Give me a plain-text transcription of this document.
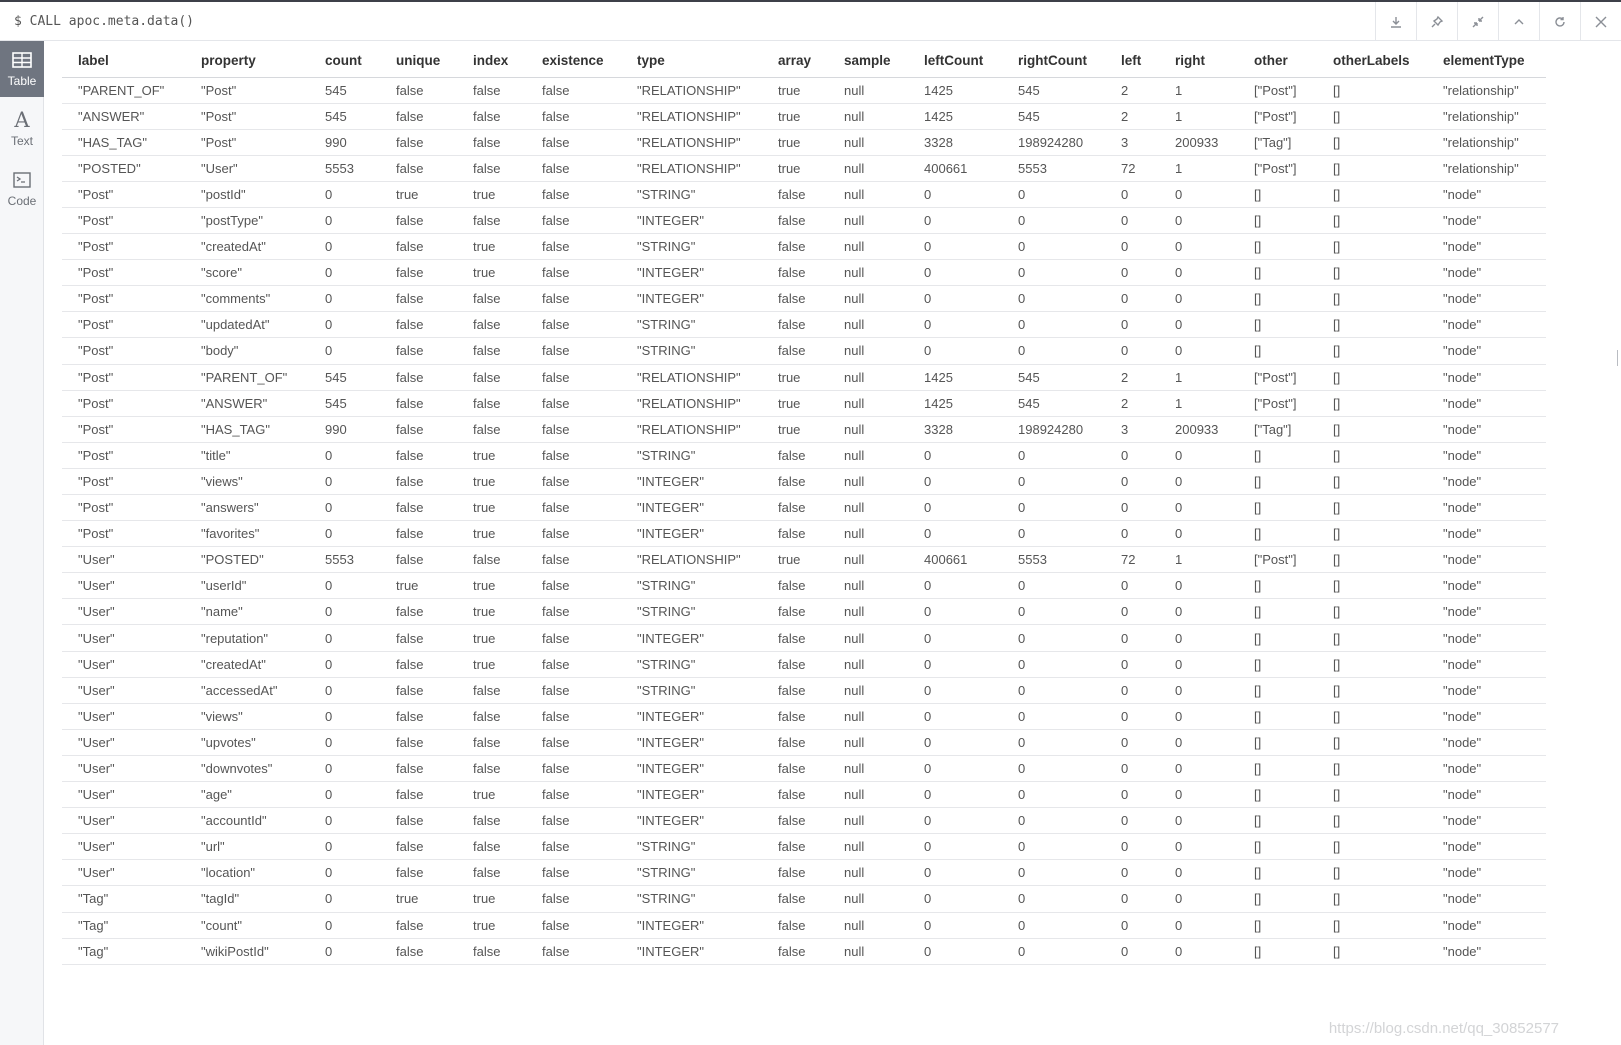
$ CALL apoc.meta.data()
Table
A
Text
Code
label	property	count	unique	index	existence	type	array	sample	leftCount	rightCount	left	right	other	otherLabels	elementType
"PARENT_OF"	"Post"	545	false	false	false	"RELATIONSHIP"	true	null	1425	545	2	1	["Post"]	[]	"relationship"
"ANSWER"	"Post"	545	false	false	false	"RELATIONSHIP"	true	null	1425	545	2	1	["Post"]	[]	"relationship"
"HAS_TAG"	"Post"	990	false	false	false	"RELATIONSHIP"	true	null	3328	198924280	3	200933	["Tag"]	[]	"relationship"
"POSTED"	"User"	5553	false	false	false	"RELATIONSHIP"	true	null	400661	5553	72	1	["Post"]	[]	"relationship"
"Post"	"postId"	0	true	true	false	"STRING"	false	null	0	0	0	0	[]	[]	"node"
"Post"	"postType"	0	false	false	false	"INTEGER"	false	null	0	0	0	0	[]	[]	"node"
"Post"	"createdAt"	0	false	true	false	"STRING"	false	null	0	0	0	0	[]	[]	"node"
"Post"	"score"	0	false	true	false	"INTEGER"	false	null	0	0	0	0	[]	[]	"node"
"Post"	"comments"	0	false	false	false	"INTEGER"	false	null	0	0	0	0	[]	[]	"node"
"Post"	"updatedAt"	0	false	false	false	"STRING"	false	null	0	0	0	0	[]	[]	"node"
"Post"	"body"	0	false	false	false	"STRING"	false	null	0	0	0	0	[]	[]	"node"
"Post"	"PARENT_OF"	545	false	false	false	"RELATIONSHIP"	true	null	1425	545	2	1	["Post"]	[]	"node"
"Post"	"ANSWER"	545	false	false	false	"RELATIONSHIP"	true	null	1425	545	2	1	["Post"]	[]	"node"
"Post"	"HAS_TAG"	990	false	false	false	"RELATIONSHIP"	true	null	3328	198924280	3	200933	["Tag"]	[]	"node"
"Post"	"title"	0	false	true	false	"STRING"	false	null	0	0	0	0	[]	[]	"node"
"Post"	"views"	0	false	true	false	"INTEGER"	false	null	0	0	0	0	[]	[]	"node"
"Post"	"answers"	0	false	true	false	"INTEGER"	false	null	0	0	0	0	[]	[]	"node"
"Post"	"favorites"	0	false	true	false	"INTEGER"	false	null	0	0	0	0	[]	[]	"node"
"User"	"POSTED"	5553	false	false	false	"RELATIONSHIP"	true	null	400661	5553	72	1	["Post"]	[]	"node"
"User"	"userId"	0	true	true	false	"STRING"	false	null	0	0	0	0	[]	[]	"node"
"User"	"name"	0	false	true	false	"STRING"	false	null	0	0	0	0	[]	[]	"node"
"User"	"reputation"	0	false	true	false	"INTEGER"	false	null	0	0	0	0	[]	[]	"node"
"User"	"createdAt"	0	false	true	false	"STRING"	false	null	0	0	0	0	[]	[]	"node"
"User"	"accessedAt"	0	false	false	false	"STRING"	false	null	0	0	0	0	[]	[]	"node"
"User"	"views"	0	false	false	false	"INTEGER"	false	null	0	0	0	0	[]	[]	"node"
"User"	"upvotes"	0	false	false	false	"INTEGER"	false	null	0	0	0	0	[]	[]	"node"
"User"	"downvotes"	0	false	false	false	"INTEGER"	false	null	0	0	0	0	[]	[]	"node"
"User"	"age"	0	false	true	false	"INTEGER"	false	null	0	0	0	0	[]	[]	"node"
"User"	"accountId"	0	false	false	false	"INTEGER"	false	null	0	0	0	0	[]	[]	"node"
"User"	"url"	0	false	false	false	"STRING"	false	null	0	0	0	0	[]	[]	"node"
"User"	"location"	0	false	false	false	"STRING"	false	null	0	0	0	0	[]	[]	"node"
"Tag"	"tagId"	0	true	true	false	"STRING"	false	null	0	0	0	0	[]	[]	"node"
"Tag"	"count"	0	false	true	false	"INTEGER"	false	null	0	0	0	0	[]	[]	"node"
"Tag"	"wikiPostId"	0	false	false	false	"INTEGER"	false	null	0	0	0	0	[]	[]	"node"
https://blog.csdn.net/qq_30852577
